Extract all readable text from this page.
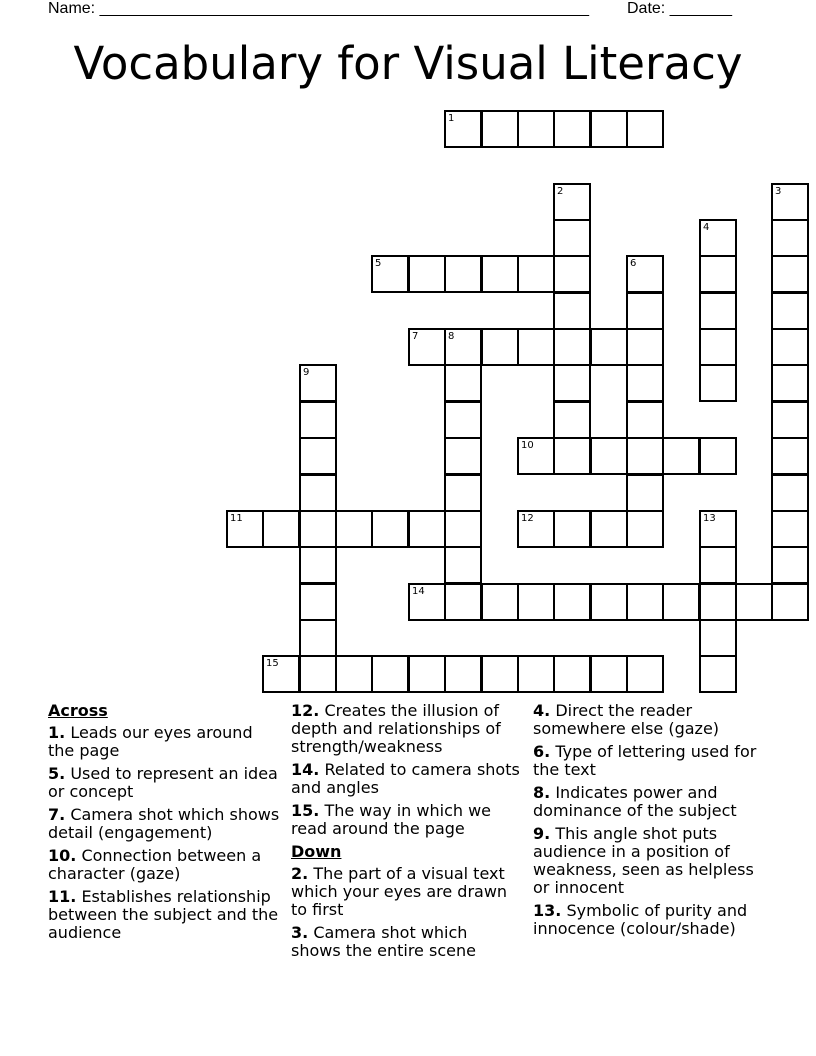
Name: _______________________________________________________ Date: _______
Vocabulary for Visual Literacy
1
2	3
4
5	6
7	8
9
10
11	12	13
14
15
Across
1. Leads our eyes around the page
5. Used to represent an idea or concept
7. Camera shot which shows detail (engagement)
10. Connection between a character (gaze)
11. Establishes relationship between the subject and the audience
12. Creates the illusion of depth and relationships of strength/weakness
14. Related to camera shots and angles
15. The way in which we read around the page
Down
2. The part of a visual text which your eyes are drawn to first
3. Camera shot which shows the entire scene
4. Direct the reader somewhere else (gaze)
6. Type of lettering used for the text
8. Indicates power and dominance of the subject
9. This angle shot puts audience in a position of weakness, seen as helpless or innocent
13. Symbolic of purity and innocence (colour/shade)
